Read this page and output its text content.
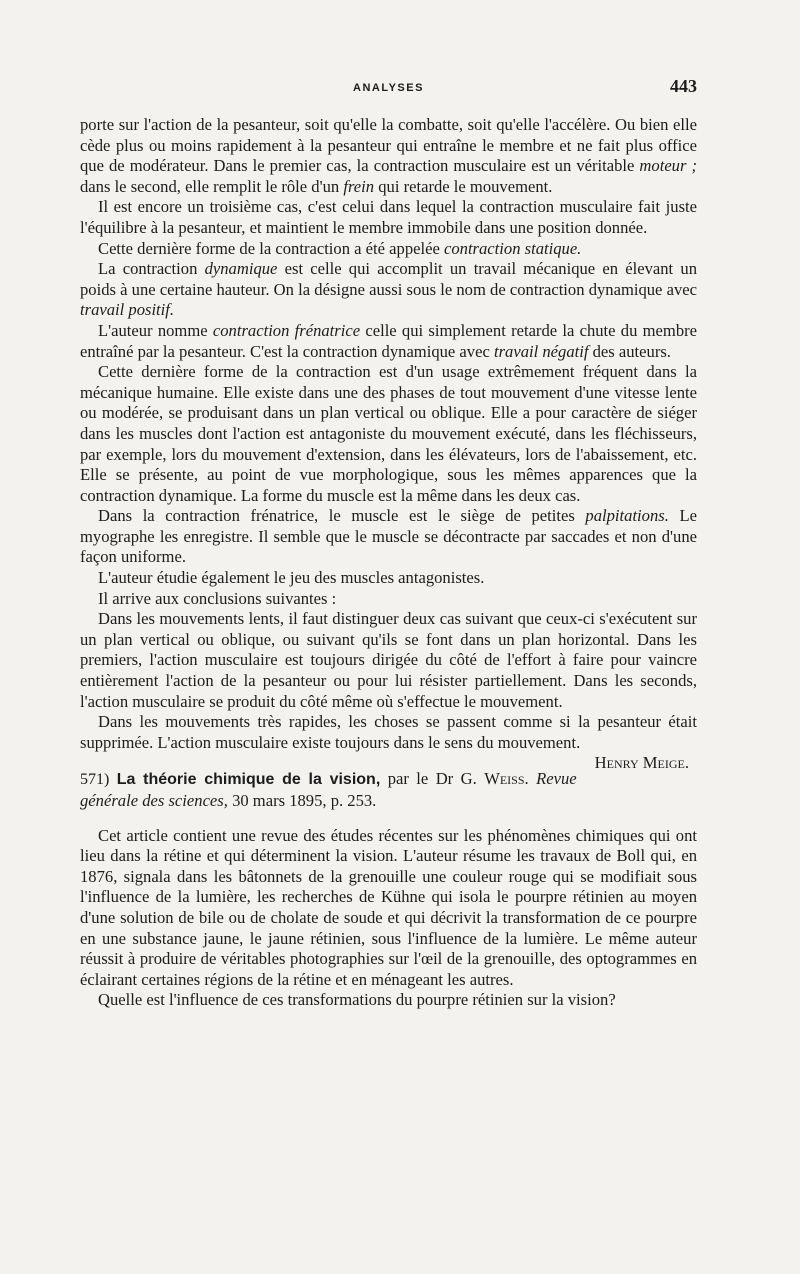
ANALYSES	443

porte sur l'action de la pesanteur, soit qu'elle la combatte, soit qu'elle l'accélère. Ou bien elle cède plus ou moins rapidement à la pesanteur qui entraîne le membre et ne fait plus office que de modérateur. Dans le premier cas, la contraction musculaire est un véritable moteur ; dans le second, elle remplit le rôle d'un frein qui retarde le mouvement.

Il est encore un troisième cas, c'est celui dans lequel la contraction musculaire fait juste l'équilibre à la pesanteur, et maintient le membre immobile dans une position donnée.

Cette dernière forme de la contraction a été appelée contraction statique.

La contraction dynamique est celle qui accomplit un travail mécanique en élevant un poids à une certaine hauteur. On la désigne aussi sous le nom de contraction dynamique avec travail positif.

L'auteur nomme contraction frénatrice celle qui simplement retarde la chute du membre entraîné par la pesanteur. C'est la contraction dynamique avec travail négatif des auteurs.

Cette dernière forme de la contraction est d'un usage extrêmement fréquent dans la mécanique humaine. Elle existe dans une des phases de tout mouvement d'une vitesse lente ou modérée, se produisant dans un plan vertical ou oblique. Elle a pour caractère de siéger dans les muscles dont l'action est antagoniste du mouvement exécuté, dans les fléchisseurs, par exemple, lors du mouvement d'extension, dans les élévateurs, lors de l'abaissement, etc. Elle se présente, au point de vue morphologique, sous les mêmes apparences que la contraction dynamique. La forme du muscle est la même dans les deux cas.

Dans la contraction frénatrice, le muscle est le siège de petites palpitations. Le myographe les enregistre. Il semble que le muscle se décontracte par saccades et non d'une façon uniforme.

L'auteur étudie également le jeu des muscles antagonistes.

Il arrive aux conclusions suivantes :

Dans les mouvements lents, il faut distinguer deux cas suivant que ceux-ci s'exécutent sur un plan vertical ou oblique, ou suivant qu'ils se font dans un plan horizontal. Dans les premiers, l'action musculaire est toujours dirigée du côté de l'effort à faire pour vaincre entièrement l'action de la pesanteur ou pour lui résister partiellement. Dans les seconds, l'action musculaire se produit du côté même où s'effectue le mouvement.

Dans les mouvements très rapides, les choses se passent comme si la pesanteur était supprimée. L'action musculaire existe toujours dans le sens du mouvement.
Henry Meige.

571) La théorie chimique de la vision, par le Dr G. Weiss. Revue générale des sciences, 30 mars 1895, p. 253.

Cet article contient une revue des études récentes sur les phénomènes chimiques qui ont lieu dans la rétine et qui déterminent la vision. L'auteur résume les travaux de Boll qui, en 1876, signala dans les bâtonnets de la grenouille une couleur rouge qui se modifiait sous l'influence de la lumière, les recherches de Kühne qui isola le pourpre rétinien au moyen d'une solution de bile ou de cholate de soude et qui décrivit la transformation de ce pourpre en une substance jaune, le jaune rétinien, sous l'influence de la lumière. Le même auteur réussit à produire de véritables photographies sur l'œil de la grenouille, des optogrammes en éclairant certaines régions de la rétine et en ménageant les autres.

Quelle est l'influence de ces transformations du pourpre rétinien sur la vision?
